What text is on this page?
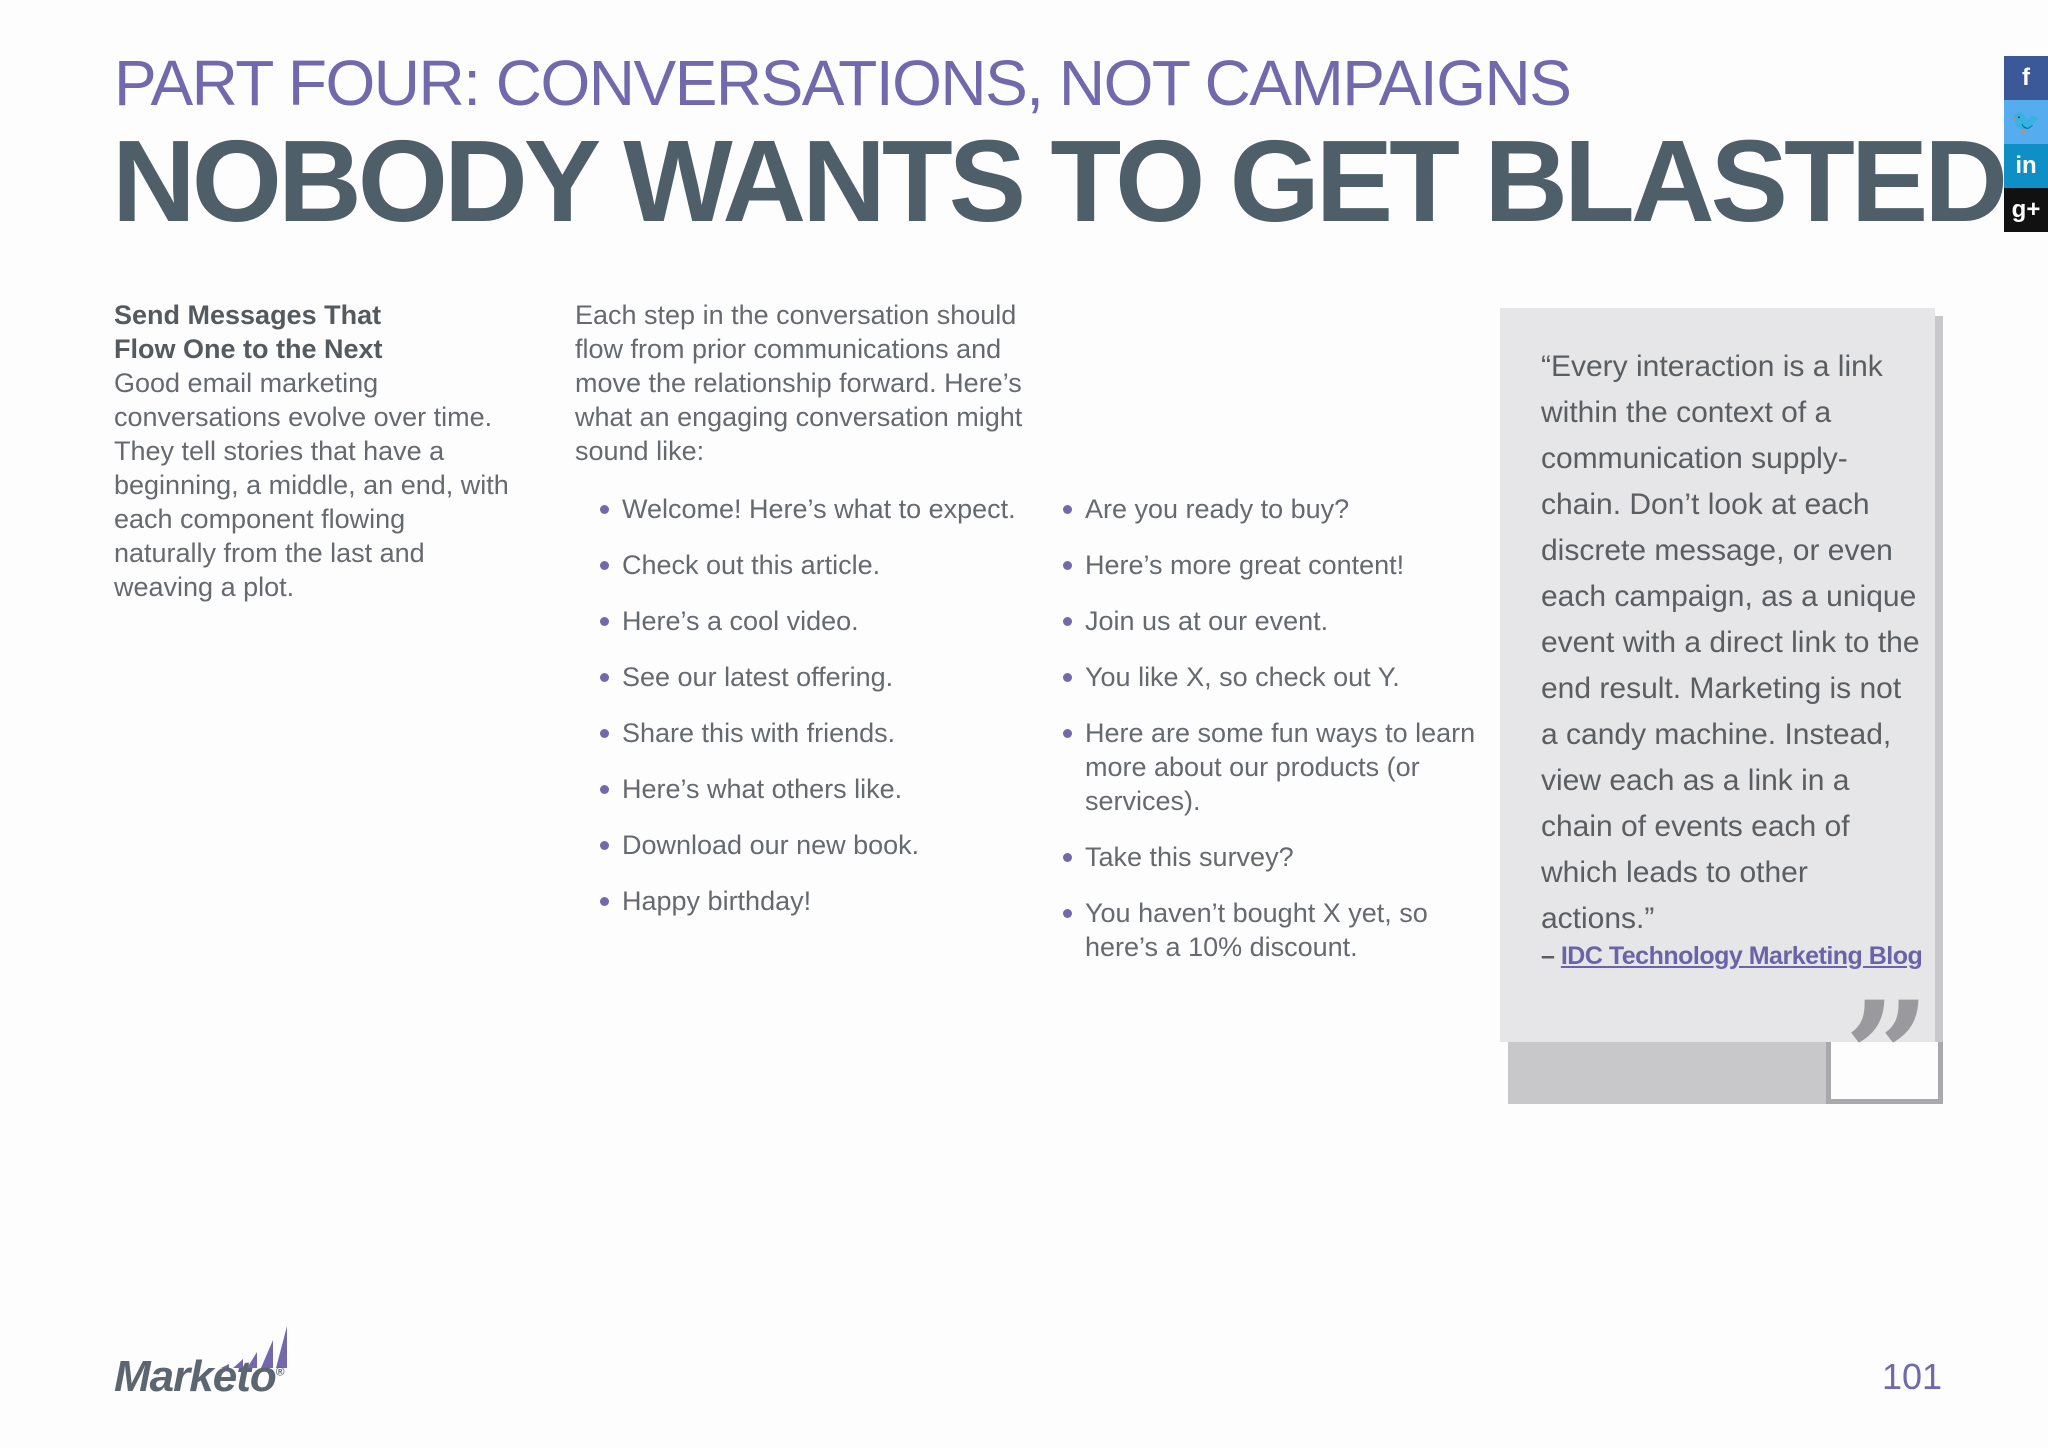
PART FOUR: CONVERSATIONS, NOT CAMPAIGNS
NOBODY WANTS TO GET BLASTED
Send Messages That
Flow One to the Next
Good email marketing conversations evolve over time. They tell stories that have a beginning, a middle, an end, with each component flowing naturally from the last and weaving a plot.
Each step in the conversation should flow from prior communications and move the relationship forward. Here’s what an engaging conversation might sound like:
Welcome! Here’s what to expect.
Check out this article.
Here’s a cool video.
See our latest offering.
Share this with friends.
Here’s what others like.
Download our new book.
Happy birthday!
Are you ready to buy?
Here’s more great content!
Join us at our event.
You like X, so check out Y.
Here are some fun ways to learn more about our products (or services).
Take this survey?
You haven’t bought X yet, so here’s a 10% discount.
“Every interaction is a link within the context of a communication supply-chain. Don’t look at each discrete message, or even each campaign, as a unique event with a direct link to the end result. Marketing is not a candy machine. Instead, view each as a link in a chain of events each of which leads to other actions.”
– IDC Technology Marketing Blog
”
f
🐦
in
g+
Marketo®	101
